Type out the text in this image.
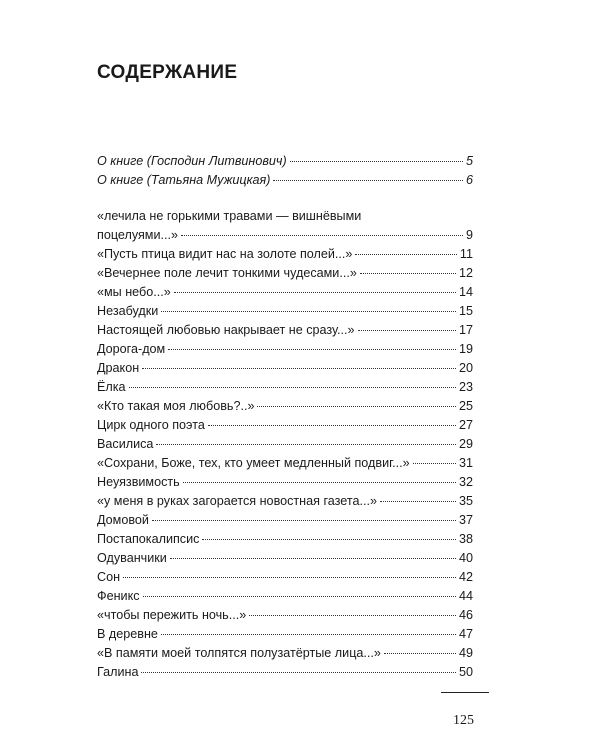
СОДЕРЖАНИЕ
О книге (Господин Литвинович)	5
О книге (Татьяна Мужицкая)	6
«лечила не горькими травами — вишнёвыми
поцелуями...»	9
«Пусть птица видит нас на золоте полей...»	11
«Вечернее поле лечит тонкими чудесами...»	12
«мы небо...»	14
Незабудки	15
Настоящей любовью накрывает не сразу...»	17
Дорога-дом	19
Дракон	20
Ёлка	23
«Кто такая моя любовь?..»	25
Цирк одного поэта	27
Василиса	29
«Сохрани, Боже, тех, кто умеет медленный подвиг...»	31
Неуязвимость	32
«у меня в руках загорается новостная газета...»	35
Домовой	37
Постапокалипсис	38
Одуванчики	40
Сон	42
Феникс	44
«чтобы пережить ночь...»	46
В деревне	47
«В памяти моей толпятся полузатёртые лица...»	49
Галина	50
125
